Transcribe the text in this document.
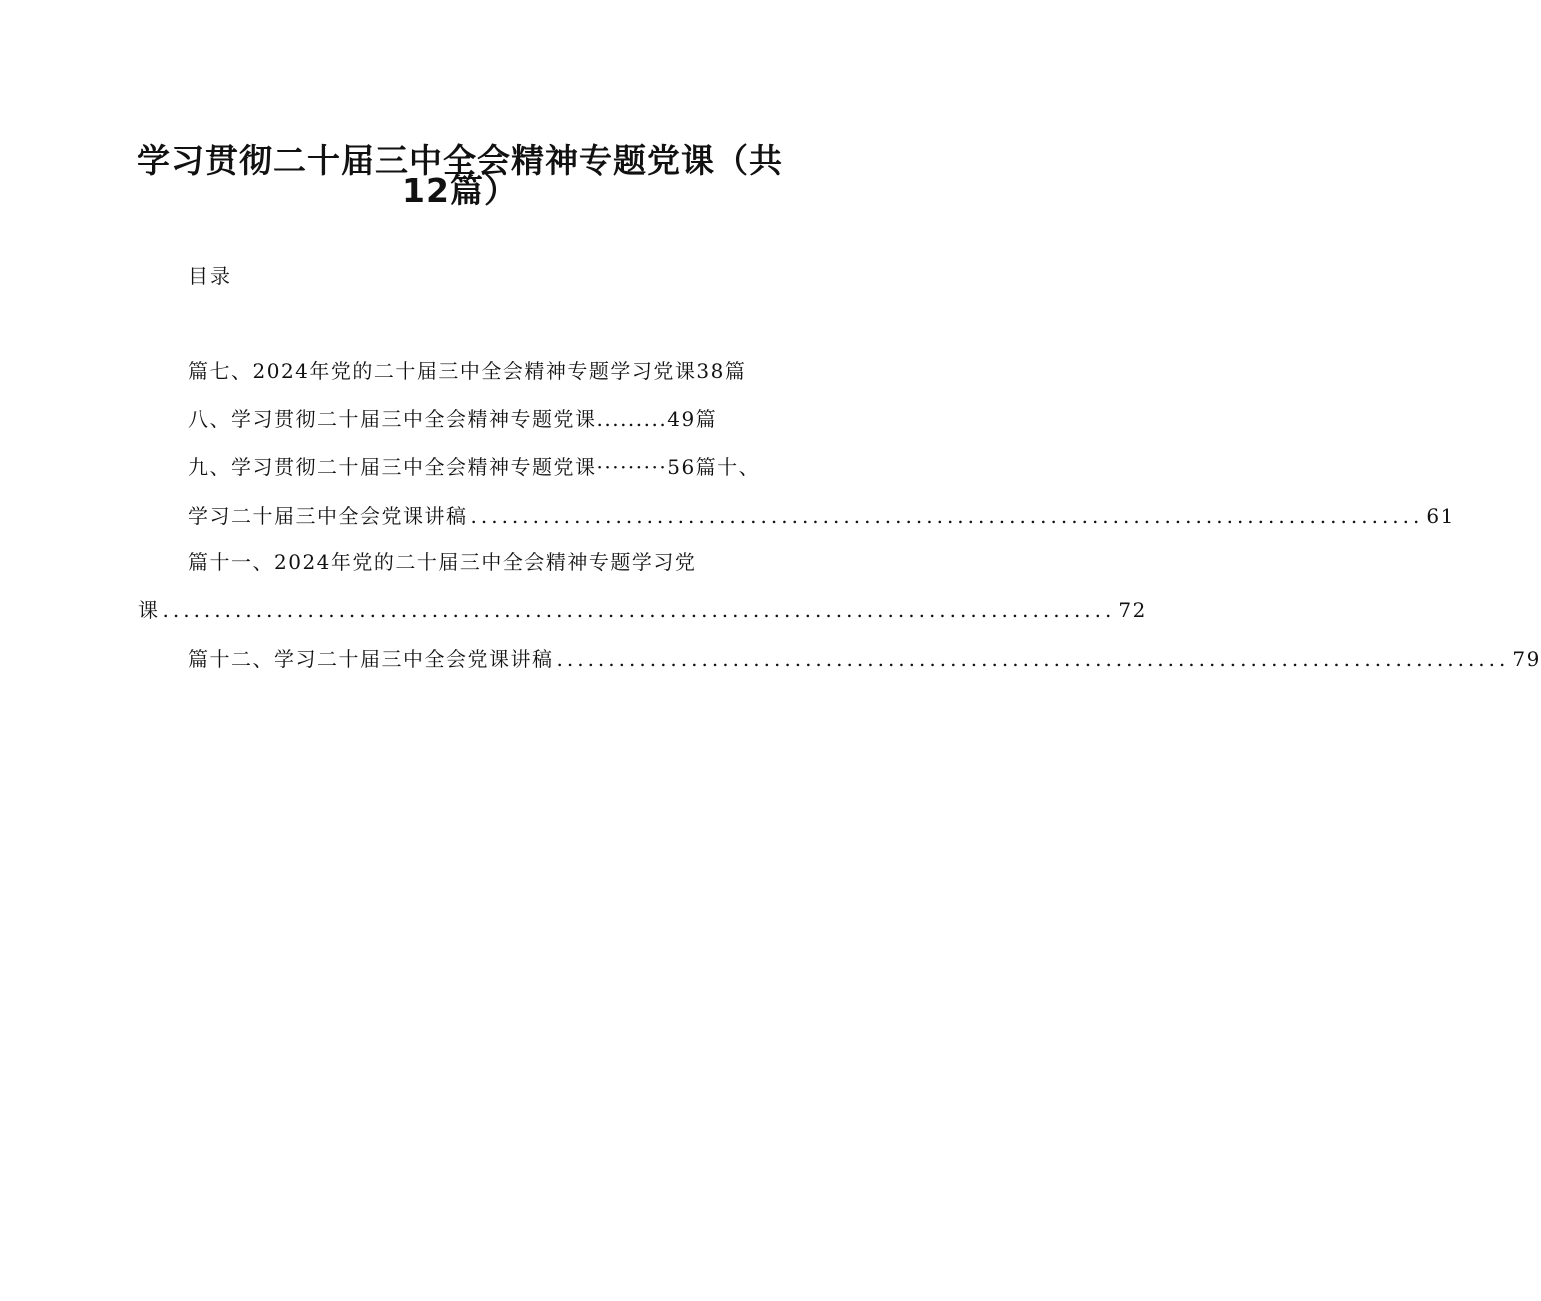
学习贯彻二十届三中全会精神专题党课（共
12篇）

目录

篇七、2024年党的二十届三中全会精神专题学习党课38篇

八、学习贯彻二十届三中全会精神专题党课.........49篇

九、学习贯彻二十届三中全会精神专题党课·········56篇十、

学习二十届三中全会党课讲稿 ............................................................................................ 61

篇十一、2024年党的二十届三中全会精神专题学习党

课 ............................................................................................ 72

篇十二、学习二十届三中全会党课讲稿 ............................................................................................ 79
